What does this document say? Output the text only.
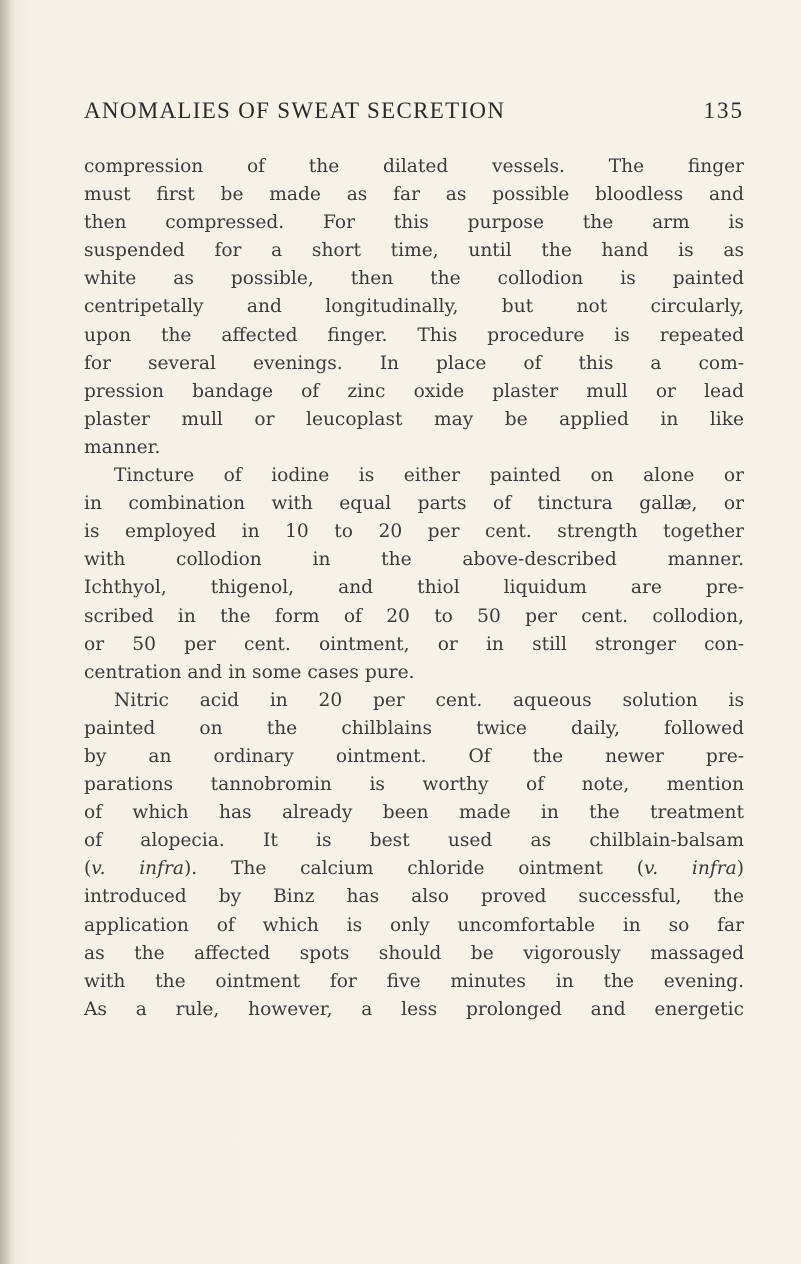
ANOMALIES OF SWEAT SECRETION	135
compression of the dilated vessels. The finger
must first be made as far as possible bloodless and
then compressed. For this purpose the arm is
suspended for a short time, until the hand is as
white as possible, then the collodion is painted
centripetally and longitudinally, but not circularly,
upon the affected finger. This procedure is repeated
for several evenings. In place of this a com-
pression bandage of zinc oxide plaster mull or lead
plaster mull or leucoplast may be applied in like
manner.
Tincture of iodine is either painted on alone or
in combination with equal parts of tinctura gallæ, or
is employed in 10 to 20 per cent. strength together
with collodion in the above-described manner.
Ichthyol, thigenol, and thiol liquidum are pre-
scribed in the form of 20 to 50 per cent. collodion,
or 50 per cent. ointment, or in still stronger con-
centration and in some cases pure.
Nitric acid in 20 per cent. aqueous solution is
painted on the chilblains twice daily, followed
by an ordinary ointment. Of the newer pre-
parations tannobromin is worthy of note, mention
of which has already been made in the treatment
of alopecia. It is best used as chilblain-balsam
(v. infra). The calcium chloride ointment (v. infra)
introduced by Binz has also proved successful, the
application of which is only uncomfortable in so far
as the affected spots should be vigorously massaged
with the ointment for five minutes in the evening.
As a rule, however, a less prolonged and energetic
